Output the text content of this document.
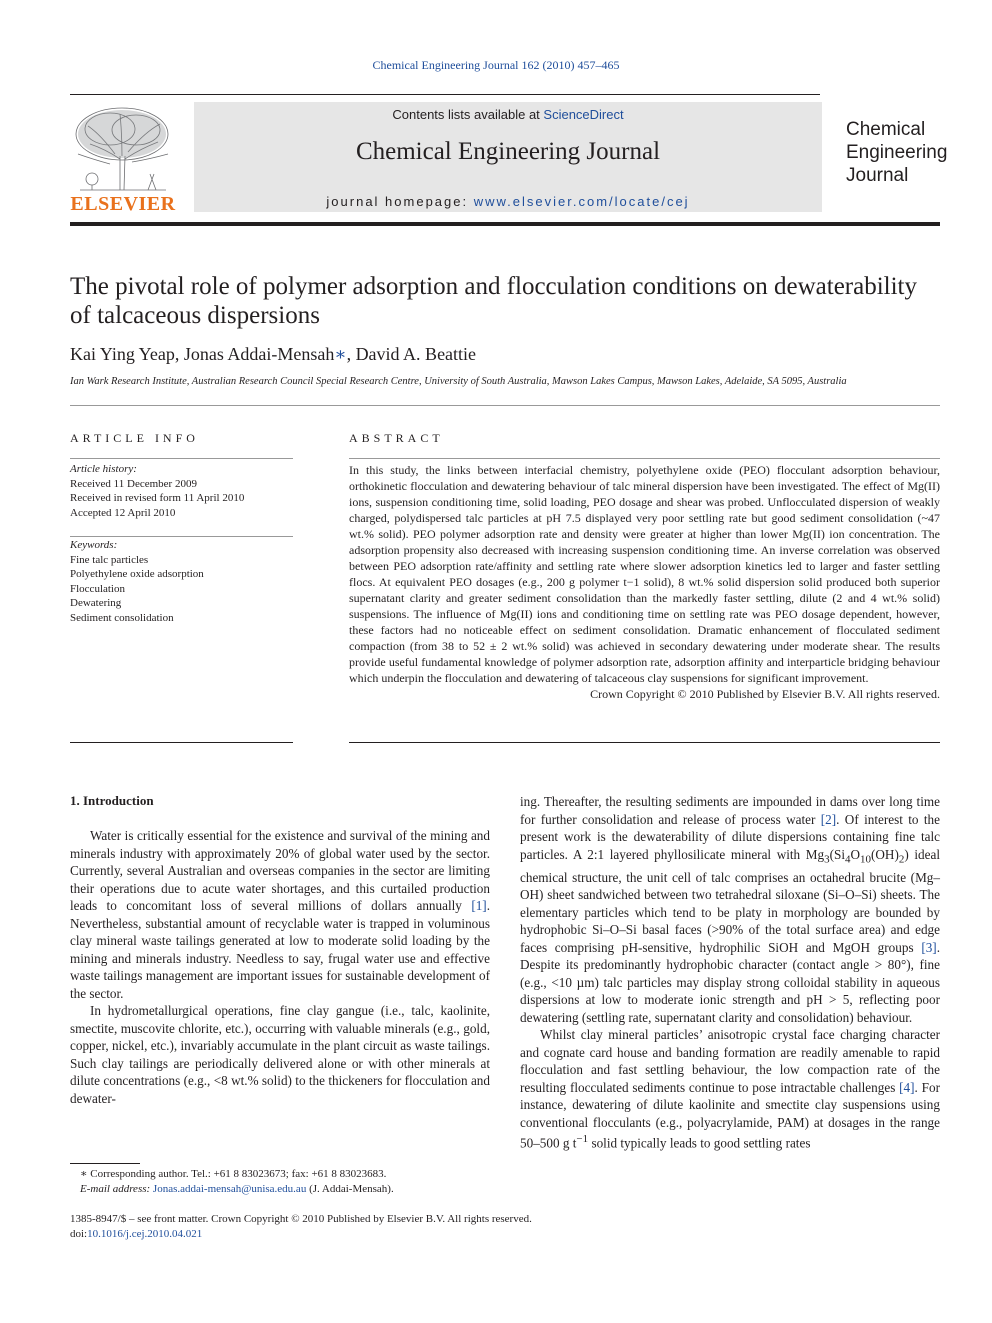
Chemical Engineering Journal 162 (2010) 457–465
ELSEVIER
Contents lists available at ScienceDirect
Chemical Engineering Journal
journal homepage: www.elsevier.com/locate/cej
Chemical
Engineering
Journal
The pivotal role of polymer adsorption and flocculation conditions on dewaterability of talcaceous dispersions
Kai Ying Yeap, Jonas Addai-Mensah∗, David A. Beattie
Ian Wark Research Institute, Australian Research Council Special Research Centre, University of South Australia, Mawson Lakes Campus, Mawson Lakes, Adelaide, SA 5095, Australia
ARTICLE INFO	ABSTRACT
Article history:
Received 11 December 2009
Received in revised form 11 April 2010
Accepted 12 April 2010
Keywords:
Fine talc particles
Polyethylene oxide adsorption
Flocculation
Dewatering
Sediment consolidation
In this study, the links between interfacial chemistry, polyethylene oxide (PEO) flocculant adsorption behaviour, orthokinetic flocculation and dewatering behaviour of talc mineral dispersion have been investigated. The effect of Mg(II) ions, suspension conditioning time, solid loading, PEO dosage and shear was probed. Unflocculated dispersion of weakly charged, polydispersed talc particles at pH 7.5 displayed very poor settling rate but good sediment consolidation (~47 wt.% solid). PEO polymer adsorption rate and density were greater at higher than lower Mg(II) ion concentration. The adsorption propensity also decreased with increasing suspension conditioning time. An inverse correlation was observed between PEO adsorption rate/affinity and settling rate where slower adsorption kinetics led to larger and faster settling flocs. At equivalent PEO dosages (e.g., 200 g polymer t−1 solid), 8 wt.% solid dispersion solid produced both superior supernatant clarity and greater sediment consolidation than the markedly faster settling, dilute (2 and 4 wt.% solid) suspensions. The influence of Mg(II) ions and conditioning time on settling rate was PEO dosage dependent, however, these factors had no noticeable effect on sediment consolidation. Dramatic enhancement of flocculated sediment compaction (from 38 to 52 ± 2 wt.% solid) was achieved in secondary dewatering under moderate shear. The results provide useful fundamental knowledge of polymer adsorption rate, adsorption affinity and interparticle bridging behaviour which underpin the flocculation and dewatering of talcaceous clay suspensions for significant improvement.
Crown Copyright © 2010 Published by Elsevier B.V. All rights reserved.
1. Introduction

Water is critically essential for the existence and survival of the mining and minerals industry with approximately 20% of global water used by the sector. Currently, several Australian and overseas companies in the sector are limiting their operations due to acute water shortages, and this curtailed production leads to concomitant loss of several millions of dollars annually [1]. Nevertheless, substantial amount of recyclable water is trapped in voluminous clay mineral waste tailings generated at low to moderate solid loading by the mining and minerals industry. Needless to say, frugal water use and effective waste tailings management are important issues for sustainable development of the sector.

In hydrometallurgical operations, fine clay gangue (i.e., talc, kaolinite, smectite, muscovite chlorite, etc.), occurring with valuable minerals (e.g., gold, copper, nickel, etc.), invariably accumulate in the plant circuit as waste tailings. Such clay tailings are periodically delivered alone or with other minerals at dilute concentrations (e.g., <8 wt.% solid) to the thickeners for flocculation and dewater-

ing. Thereafter, the resulting sediments are impounded in dams over long time for further consolidation and release of process water [2]. Of interest to the present work is the dewaterability of dilute dispersions containing fine talc particles. A 2:1 layered phyllosilicate mineral with $Mg_3(Si_4O_{10}(OH)_2)$ ideal chemical structure, the unit cell of talc comprises an octahedral brucite (Mg–OH) sheet sandwiched between two tetrahedral siloxane (Si–O–Si) sheets. The elementary particles which tend to be platy in morphology are bounded by hydrophobic Si–O–Si basal faces (>90% of the total surface area) and edge faces comprising pH-sensitive, hydrophilic SiOH and MgOH groups [3]. Despite its predominantly hydrophobic character (contact angle > 80°), fine (e.g., <10 µm) talc particles may display strong colloidal stability in aqueous dispersions at low to moderate ionic strength and pH > 5, reflecting poor dewatering (settling rate, supernatant clarity and consolidation) behaviour.

Whilst clay mineral particles’ anisotropic crystal face charging character and cognate card house and banding formation are readily amenable to rapid flocculation and fast settling behaviour, the low compaction rate of the resulting flocculated sediments continue to pose intractable challenges [4]. For instance, dewatering of dilute kaolinite and smectite clay suspensions using conventional flocculants (e.g., polyacrylamide, PAM) at dosages in the range 50–500 g $t^{-1}$ solid typically leads to good settling rates

∗ Corresponding author. Tel.: +61 8 83023673; fax: +61 8 83023683.
E-mail address: Jonas.addai-mensah@unisa.edu.au (J. Addai-Mensah).
1385-8947/$ – see front matter. Crown Copyright © 2010 Published by Elsevier B.V. All rights reserved.
doi:10.1016/j.cej.2010.04.021
